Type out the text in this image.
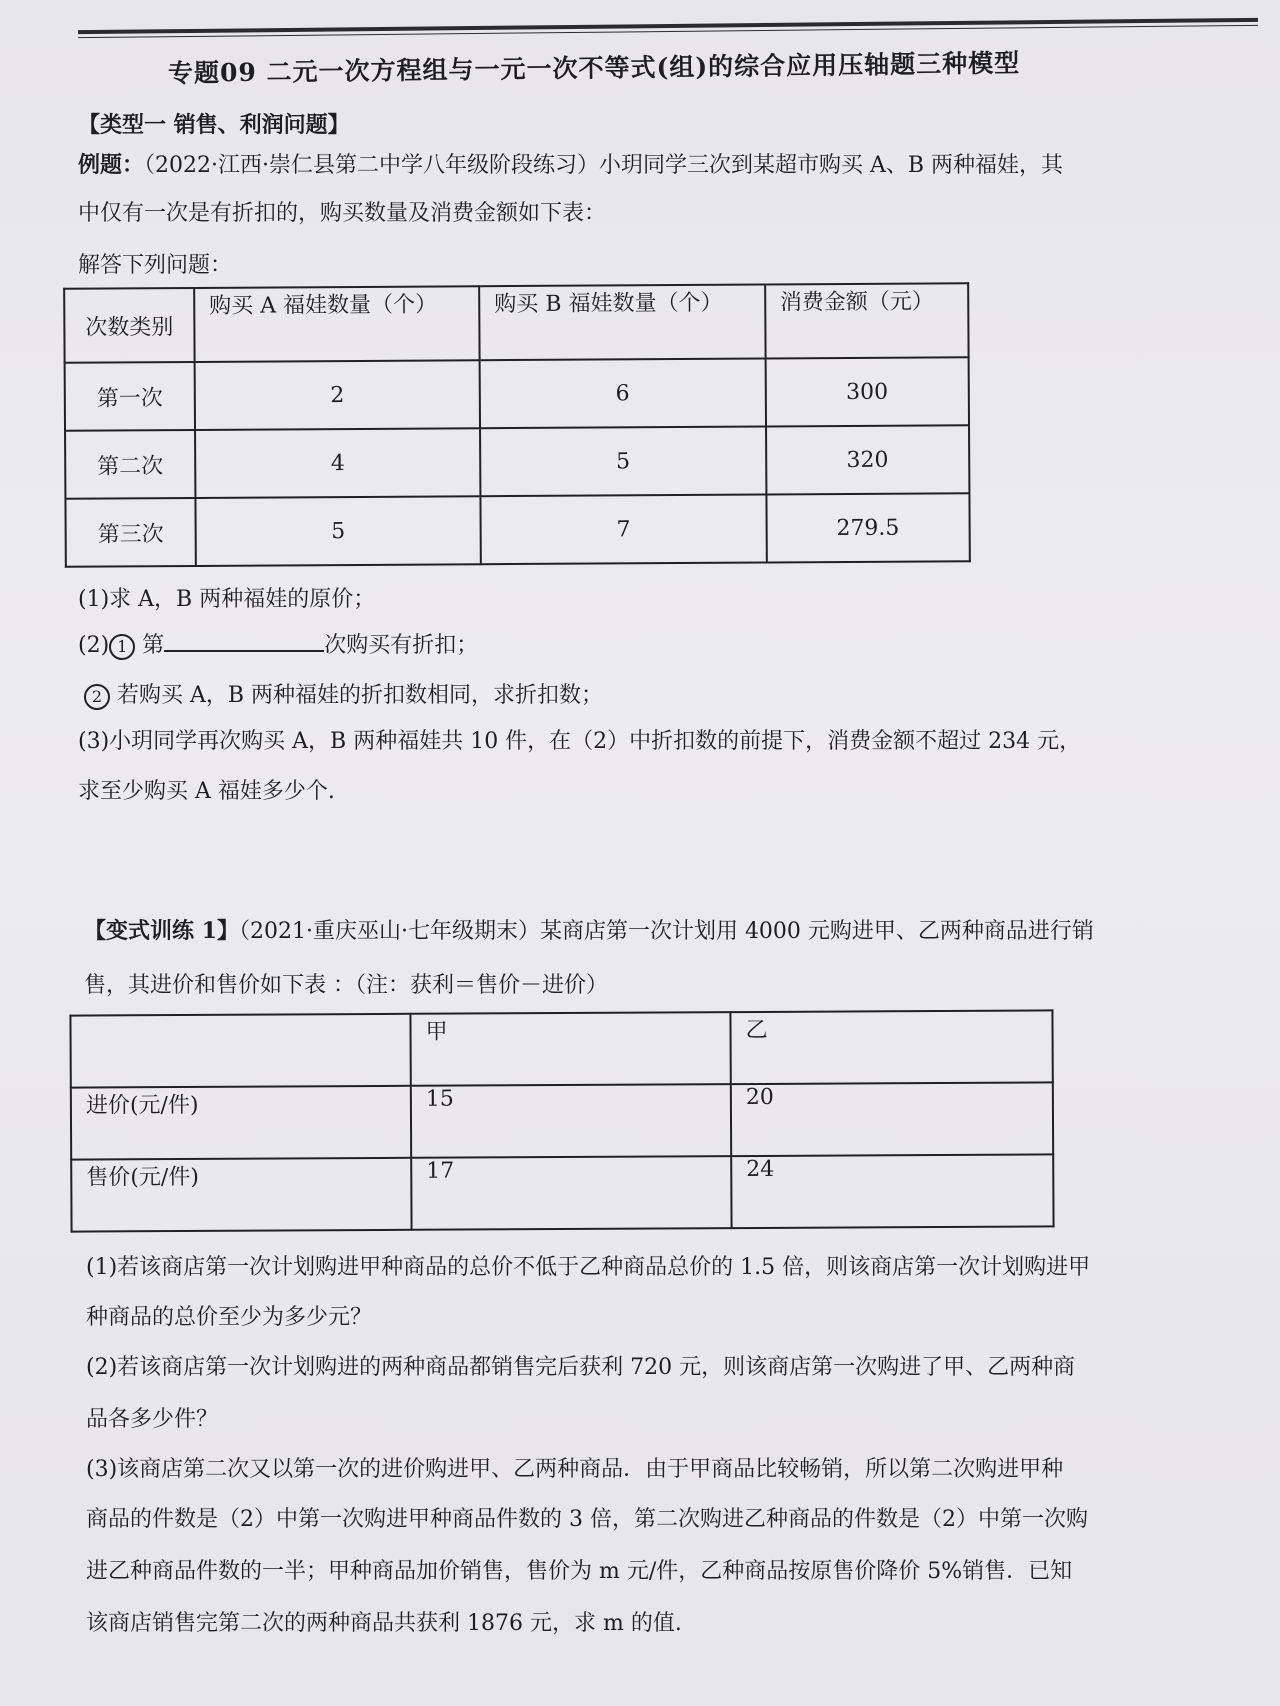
专题09 二元一次方程组与一元一次不等式(组)的综合应用压轴题三种模型
【类型一 销售、利润问题】
例题：（2022·江西·崇仁县第二中学八年级阶段练习）小玥同学三次到某超市购买 A、B 两种福娃，其
中仅有一次是有折扣的，购买数量及消费金额如下表：
解答下列问题：
次数类别	购买 A 福娃数量（个）	购买 B 福娃数量（个）	消费金额（元）
第一次	2	6	300
第二次	4	5	320
第三次	5	7	279.5
(1)求 A，B 两种福娃的原价；
(2) 1 第	次购买有折扣；
2 若购买 A，B 两种福娃的折扣数相同，求折扣数；
(3)小玥同学再次购买 A，B 两种福娃共 10 件，在（2）中折扣数的前提下，消费金额不超过 234 元，
求至少购买 A 福娃多少个.
【变式训练 1】（2021·重庆巫山·七年级期末）某商店第一次计划用 4000 元购进甲、乙两种商品进行销
售，其进价和售价如下表 ：（注：获利＝售价－进价）
	甲	乙
进价(元/件)	15	20
售价(元/件)	17	24
(1)若该商店第一次计划购进甲种商品的总价不低于乙种商品总价的 1.5 倍，则该商店第一次计划购进甲
种商品的总价至少为多少元？
(2)若该商店第一次计划购进的两种商品都销售完后获利 720 元，则该商店第一次购进了甲、乙两种商
品各多少件？
(3)该商店第二次又以第一次的进价购进甲、乙两种商品．由于甲商品比较畅销，所以第二次购进甲种
商品的件数是（2）中第一次购进甲种商品件数的 3 倍，第二次购进乙种商品的件数是（2）中第一次购
进乙种商品件数的一半；甲种商品加价销售，售价为 m 元/件，乙种商品按原售价降价 5%销售．已知
该商店销售完第二次的两种商品共获利 1876 元，求 m 的值.
